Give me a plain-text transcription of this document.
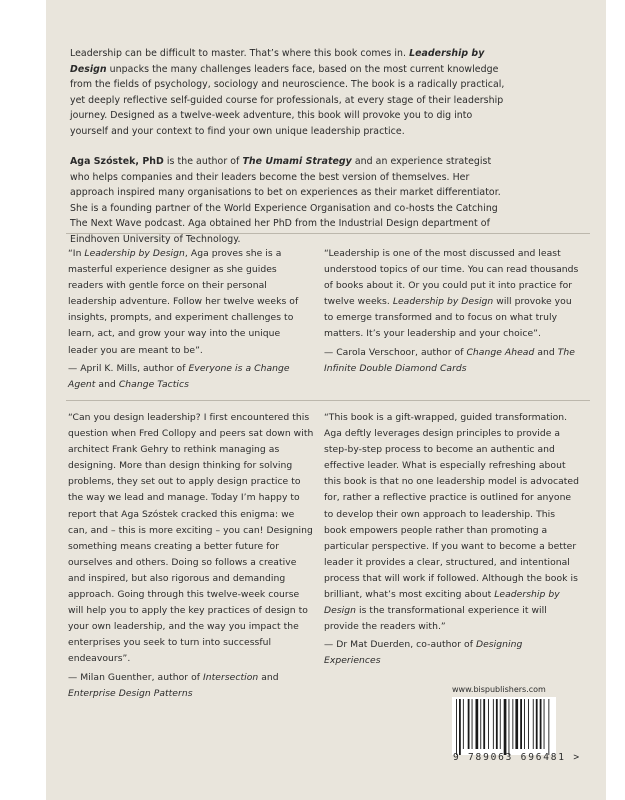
Leadership can be difficult to master. That’s where this book comes in. Leadership by Design unpacks the many challenges leaders face, based on the most current knowledge from the fields of psychology, sociology and neuroscience. The book is a radically practical, yet deeply reflective self-guided course for professionals, at every stage of their leadership journey. Designed as a twelve-week adventure, this book will provoke you to dig into yourself and your context to find your own unique leadership practice.

Aga Szóstek, PhD is the author of The Umami Strategy and an experience strategist who helps companies and their leaders become the best version of themselves. Her approach inspired many organisations to bet on experiences as their market differentiator. She is a founding partner of the World Experience Organisation and co-hosts the Catching The Next Wave podcast. Aga obtained her PhD from the Industrial Design department of Eindhoven University of Technology.

“In Leadership by Design, Aga proves she is a masterful experience designer as she guides readers with gentle force on their personal leadership adventure. Follow her twelve weeks of insights, prompts, and experiment challenges to learn, act, and grow your way into the unique leader you are meant to be”.

— April K. Mills, author of Everyone is a Change Agent and Change Tactics

“Leadership is one of the most discussed and least understood topics of our time. You can read thousands of books about it. Or you could put it into practice for twelve weeks. Leadership by Design will provoke you to emerge transformed and to focus on what truly matters. It’s your leadership and your choice”.

— Carola Verschoor, author of Change Ahead and The Infinite Double Diamond Cards

“Can you design leadership? I first encountered this question when Fred Collopy and peers sat down with architect Frank Gehry to rethink managing as designing. More than design thinking for solving problems, they set out to apply design practice to the way we lead and manage. Today I’m happy to report that Aga Szóstek cracked this enigma: we can, and – this is more exciting – you can! Designing something means creating a better future for ourselves and others. Doing so follows a creative and inspired, but also rigorous and demanding approach. Going through this twelve-week course will help you to apply the key practices of design to your own leadership, and the way you impact the enterprises you seek to turn into successful endeavours”.

— Milan Guenther, author of Intersection and Enterprise Design Patterns

“This book is a gift-wrapped, guided transformation. Aga deftly leverages design principles to provide a step-by-step process to become an authentic and effective leader. What is especially refreshing about this book is that no one leadership model is advocated for, rather a reflective practice is outlined for anyone to develop their own approach to leadership. This book empowers people rather than promoting a particular perspective. If you want to become a better leader it provides a clear, structured, and intentional process that will work if followed. Although the book is brilliant, what’s most exciting about Leadership by Design is the transformational experience it will provide the readers with.”

— Dr Mat Duerden, co-author of Designing Experiences
www.bispublishers.com
9 789063 696481 >
